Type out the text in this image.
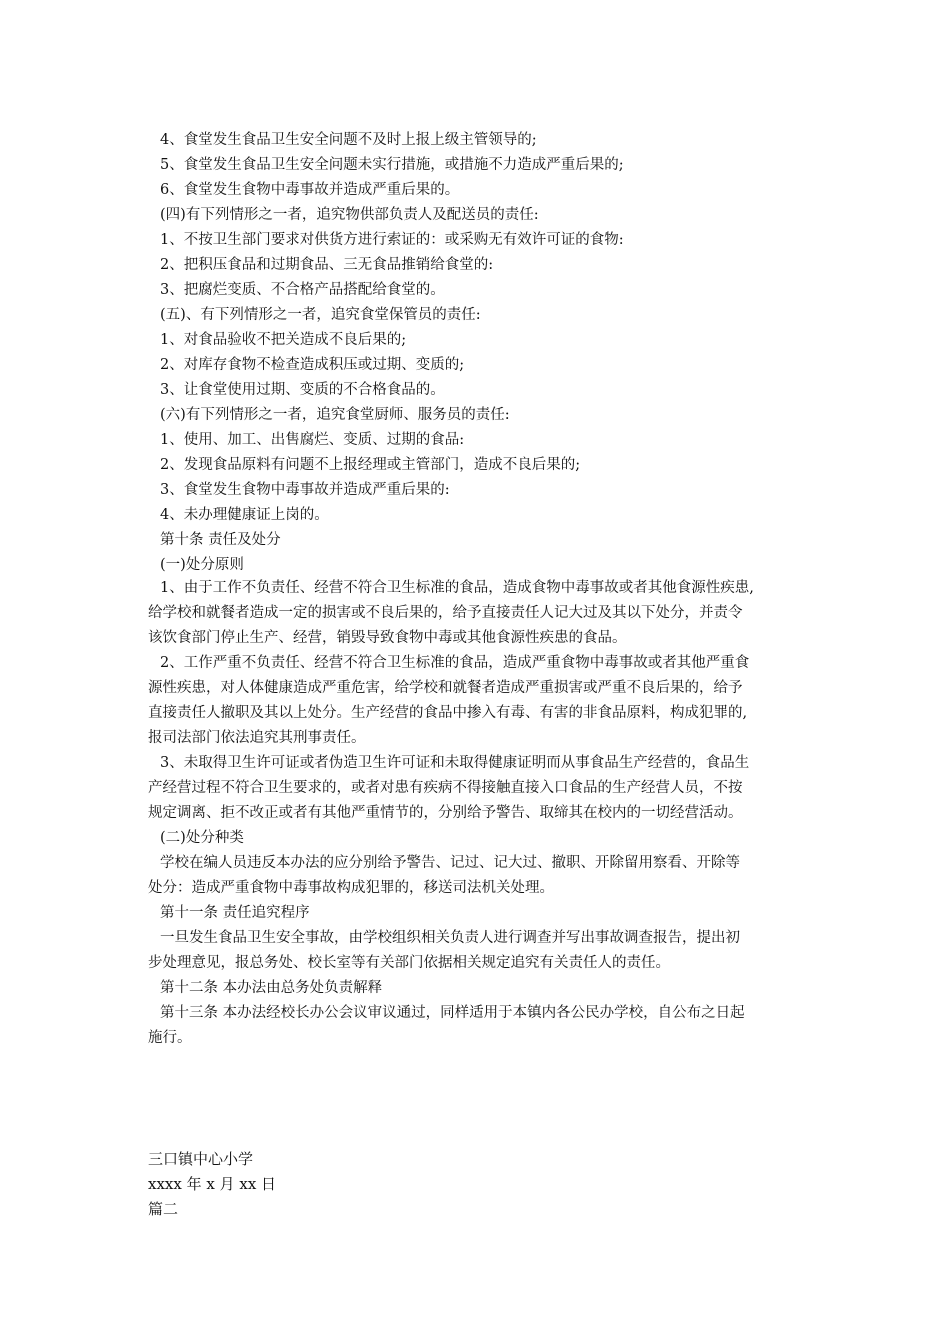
4、食堂发生食品卫生安全问题不及时上报上级主管领导的;
5、食堂发生食品卫生安全问题未实行措施，或措施不力造成严重后果的;
6、食堂发生食物中毒事故并造成严重后果的。
(四)有下列情形之一者，追究物供部负责人及配送员的责任:
1、不按卫生部门要求对供货方进行索证的：或采购无有效许可证的食物:
2、把积压食品和过期食品、三无食品推销给食堂的:
3、把腐烂变质、不合格产品搭配给食堂的。
(五)、有下列情形之一者，追究食堂保管员的责任:
1、对食品验收不把关造成不良后果的;
2、对库存食物不检查造成积压或过期、变质的;
3、让食堂使用过期、变质的不合格食品的。
(六)有下列情形之一者，追究食堂厨师、服务员的责任:
1、使用、加工、出售腐烂、变质、过期的食品:
2、发现食品原料有问题不上报经理或主管部门，造成不良后果的;
3、食堂发生食物中毒事故并造成严重后果的:
4、未办理健康证上岗的。
第十条 责任及处分
(一)处分原则
1、由于工作不负责任、经营不符合卫生标准的食品，造成食物中毒事故或者其他食源性疾患,
给学校和就餐者造成一定的损害或不良后果的，给予直接责任人记大过及其以下处分，并责令
该饮食部门停止生产、经营，销毁导致食物中毒或其他食源性疾患的食品。
2、工作严重不负责任、经营不符合卫生标准的食品，造成严重食物中毒事故或者其他严重食
源性疾患，对人体健康造成严重危害，给学校和就餐者造成严重损害或严重不良后果的，给予
直接责任人撤职及其以上处分。生产经营的食品中掺入有毒、有害的非食品原料，构成犯罪的,
报司法部门依法追究其刑事责任。
3、未取得卫生许可证或者伪造卫生许可证和未取得健康证明而从事食品生产经营的，食品生
产经营过程不符合卫生要求的，或者对患有疾病不得接触直接入口食品的生产经营人员，不按
规定调离、拒不改正或者有其他严重情节的，分别给予警告、取缔其在校内的一切经营活动。
(二)处分种类
学校在编人员违反本办法的应分别给予警告、记过、记大过、撤职、开除留用察看、开除等
处分：造成严重食物中毒事故构成犯罪的，移送司法机关处理。
第十一条 责任追究程序
一旦发生食品卫生安全事故，由学校组织相关负责人进行调查并写出事故调查报告，提出初
步处理意见，报总务处、校长室等有关部门依据相关规定追究有关责任人的责任。
第十二条 本办法由总务处负责解释
第十三条 本办法经校长办公会议审议通过，同样适用于本镇内各公民办学校，自公布之日起
施行。
三口镇中心小学
xxxx 年 x 月 xx 日
篇二
